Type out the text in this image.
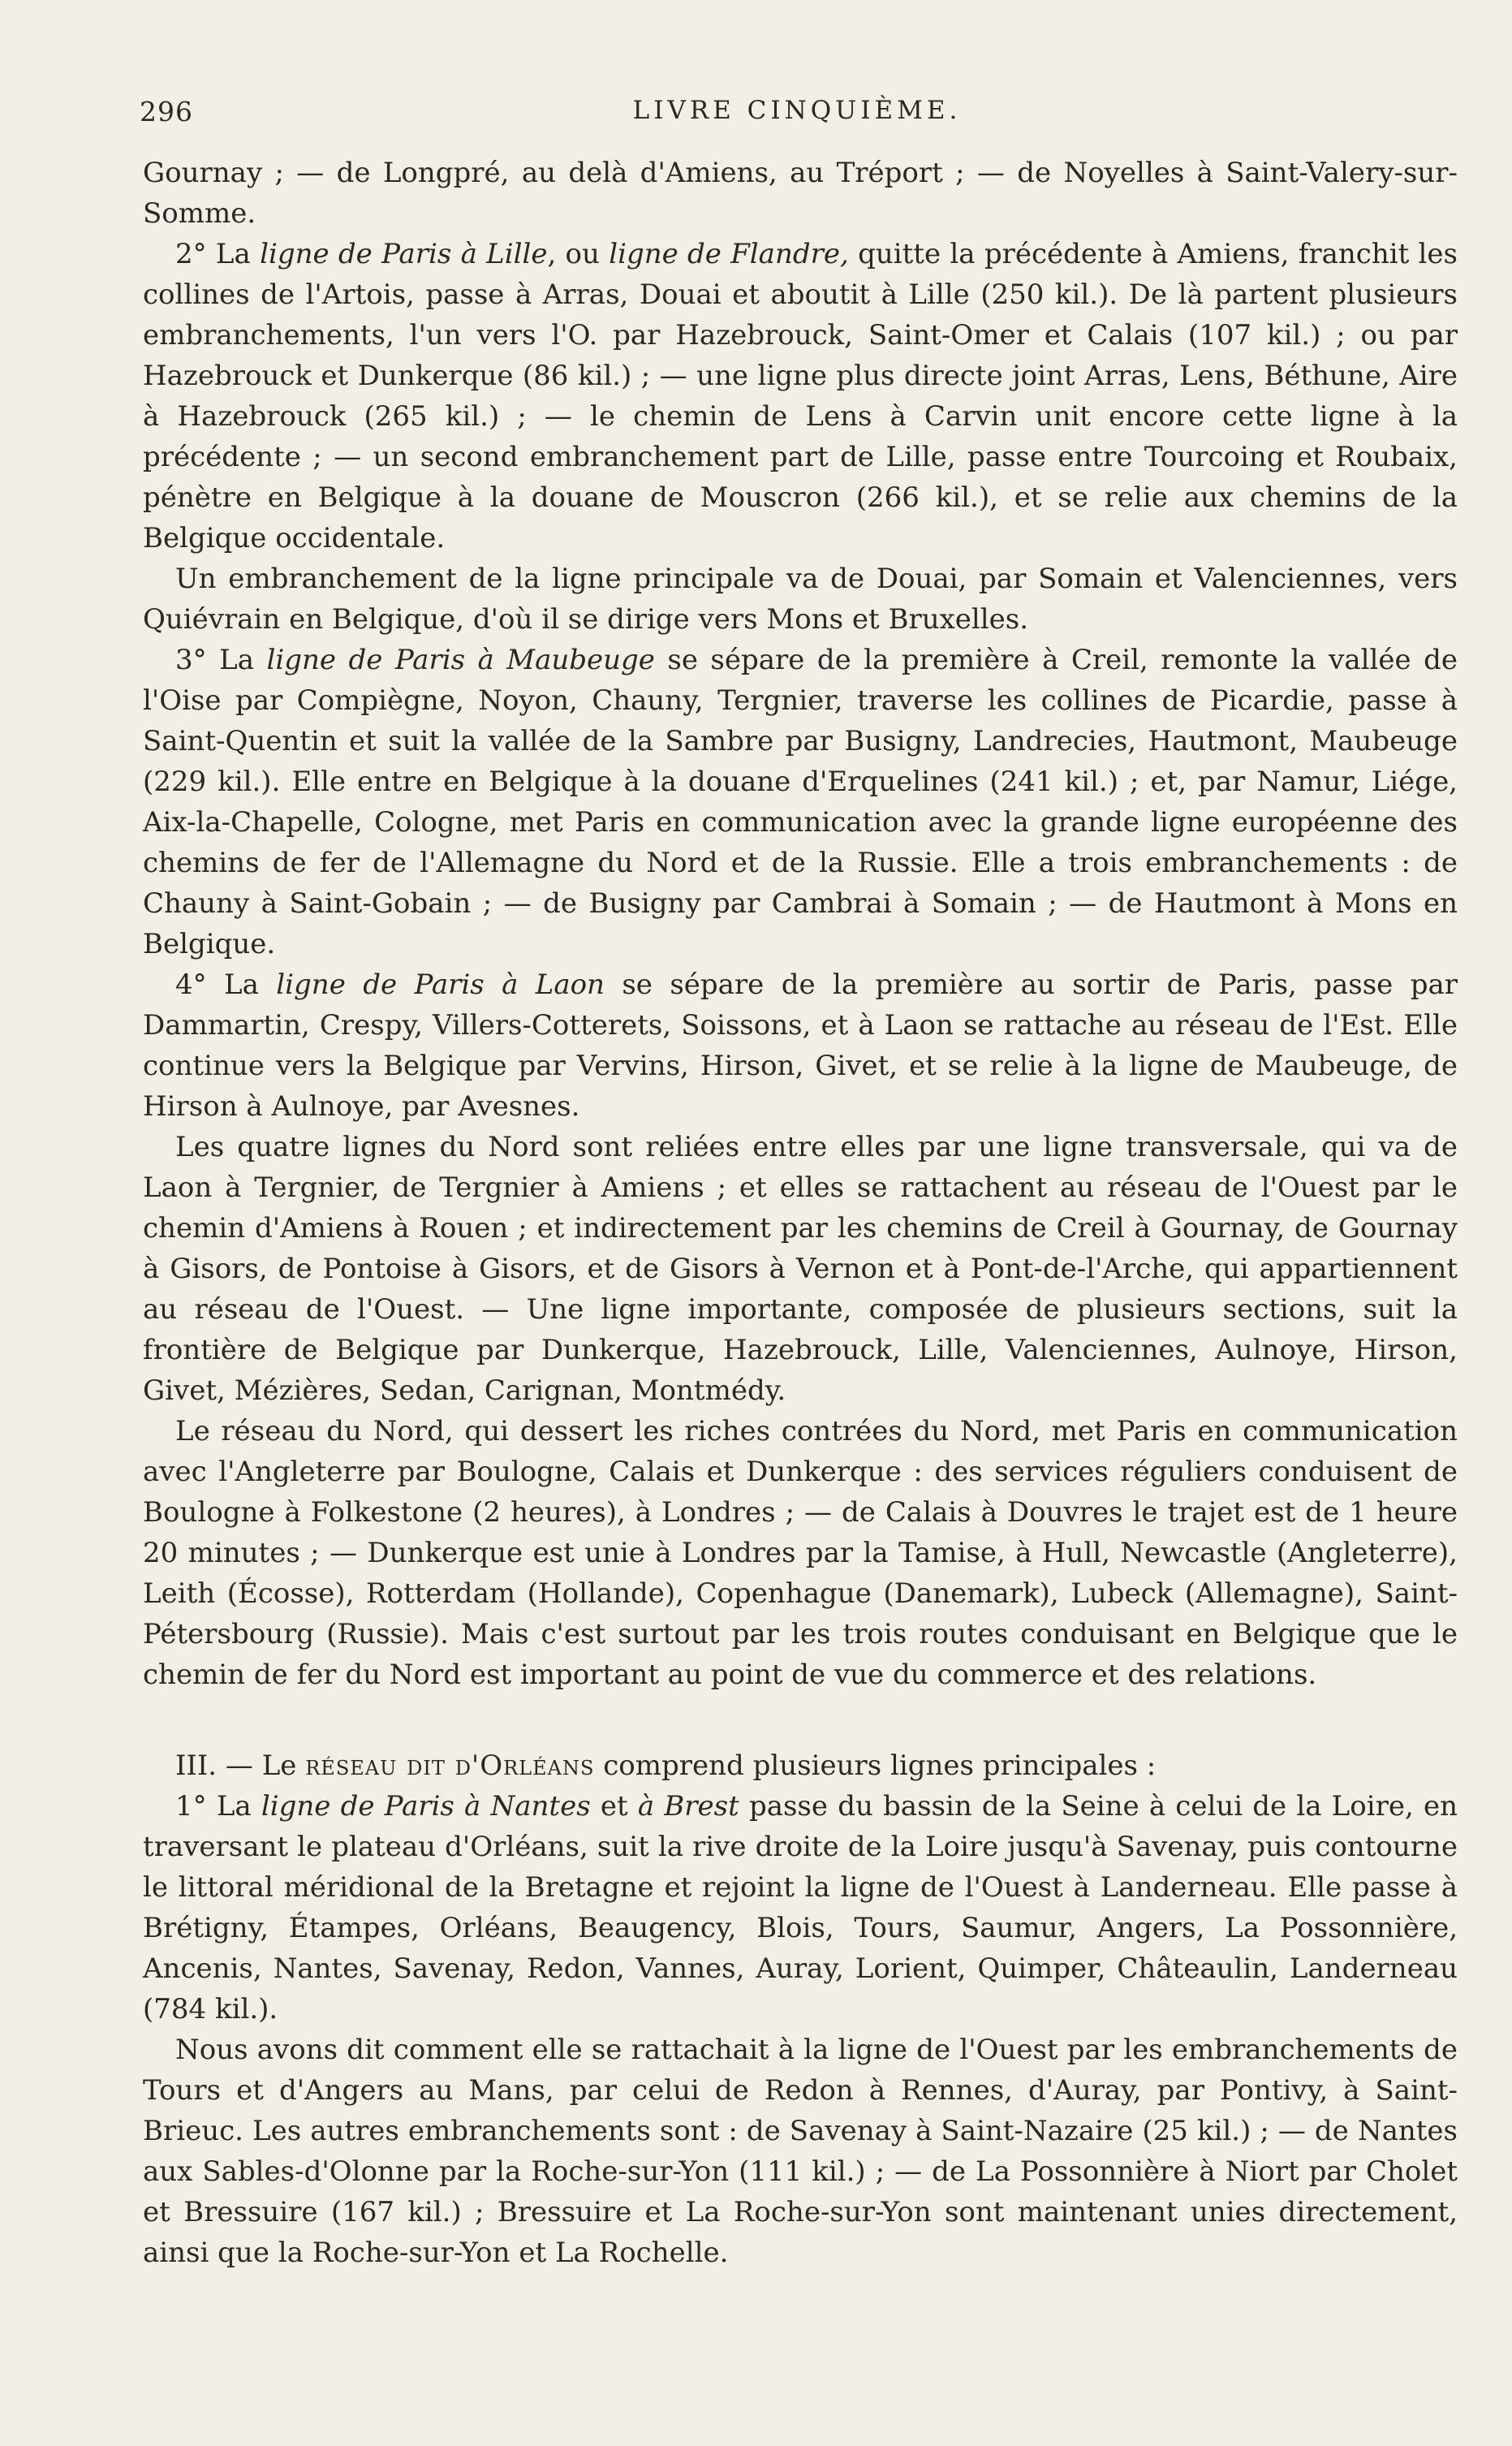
296	LIVRE CINQUIÈME.

Gournay ; — de Longpré, au delà d'Amiens, au Tréport ; — de Noyelles à Saint-Valery-sur-Somme.

2° La ligne de Paris à Lille, ou ligne de Flandre, quitte la précédente à Amiens, franchit les collines de l'Artois, passe à Arras, Douai et aboutit à Lille (250 kil.). De là partent plusieurs embranchements, l'un vers l'O. par Hazebrouck, Saint-Omer et Calais (107 kil.) ; ou par Hazebrouck et Dunkerque (86 kil.) ; — une ligne plus directe joint Arras, Lens, Béthune, Aire à Hazebrouck (265 kil.) ; — le chemin de Lens à Carvin unit encore cette ligne à la précédente ; — un second embranchement part de Lille, passe entre Tourcoing et Roubaix, pénètre en Belgique à la douane de Mouscron (266 kil.), et se relie aux chemins de la Belgique occidentale.

Un embranchement de la ligne principale va de Douai, par Somain et Valenciennes, vers Quiévrain en Belgique, d'où il se dirige vers Mons et Bruxelles.

3° La ligne de Paris à Maubeuge se sépare de la première à Creil, remonte la vallée de l'Oise par Compiègne, Noyon, Chauny, Tergnier, traverse les collines de Picardie, passe à Saint-Quentin et suit la vallée de la Sambre par Busigny, Landrecies, Hautmont, Maubeuge (229 kil.). Elle entre en Belgique à la douane d'Erquelines (241 kil.) ; et, par Namur, Liége, Aix-la-Chapelle, Cologne, met Paris en communication avec la grande ligne européenne des chemins de fer de l'Allemagne du Nord et de la Russie. Elle a trois embranchements : de Chauny à Saint-Gobain ; — de Busigny par Cambrai à Somain ; — de Hautmont à Mons en Belgique.

4° La ligne de Paris à Laon se sépare de la première au sortir de Paris, passe par Dammartin, Crespy, Villers-Cotterets, Soissons, et à Laon se rattache au réseau de l'Est. Elle continue vers la Belgique par Vervins, Hirson, Givet, et se relie à la ligne de Maubeuge, de Hirson à Aulnoye, par Avesnes.

Les quatre lignes du Nord sont reliées entre elles par une ligne transversale, qui va de Laon à Tergnier, de Tergnier à Amiens ; et elles se rattachent au réseau de l'Ouest par le chemin d'Amiens à Rouen ; et indirectement par les chemins de Creil à Gournay, de Gournay à Gisors, de Pontoise à Gisors, et de Gisors à Vernon et à Pont-de-l'Arche, qui appartiennent au réseau de l'Ouest. — Une ligne importante, composée de plusieurs sections, suit la frontière de Belgique par Dunkerque, Hazebrouck, Lille, Valenciennes, Aulnoye, Hirson, Givet, Mézières, Sedan, Carignan, Montmédy.

Le réseau du Nord, qui dessert les riches contrées du Nord, met Paris en communication avec l'Angleterre par Boulogne, Calais et Dunkerque : des services réguliers conduisent de Boulogne à Folkestone (2 heures), à Londres ; — de Calais à Douvres le trajet est de 1 heure 20 minutes ; — Dunkerque est unie à Londres par la Tamise, à Hull, Newcastle (Angleterre), Leith (Écosse), Rotterdam (Hollande), Copenhague (Danemark), Lubeck (Allemagne), Saint-Pétersbourg (Russie). Mais c'est surtout par les trois routes conduisant en Belgique que le chemin de fer du Nord est important au point de vue du commerce et des relations.

III. — Le réseau dit d'Orléans comprend plusieurs lignes principales :

1° La ligne de Paris à Nantes et à Brest passe du bassin de la Seine à celui de la Loire, en traversant le plateau d'Orléans, suit la rive droite de la Loire jusqu'à Savenay, puis contourne le littoral méridional de la Bretagne et rejoint la ligne de l'Ouest à Landerneau. Elle passe à Brétigny, Étampes, Orléans, Beaugency, Blois, Tours, Saumur, Angers, La Possonnière, Ancenis, Nantes, Savenay, Redon, Vannes, Auray, Lorient, Quimper, Châteaulin, Landerneau (784 kil.).

Nous avons dit comment elle se rattachait à la ligne de l'Ouest par les embranchements de Tours et d'Angers au Mans, par celui de Redon à Rennes, d'Auray, par Pontivy, à Saint-Brieuc. Les autres embranchements sont : de Savenay à Saint-Nazaire (25 kil.) ; — de Nantes aux Sables-d'Olonne par la Roche-sur-Yon (111 kil.) ; — de La Possonnière à Niort par Cholet et Bressuire (167 kil.) ; Bressuire et La Roche-sur-Yon sont maintenant unies directement, ainsi que la Roche-sur-Yon et La Rochelle.
